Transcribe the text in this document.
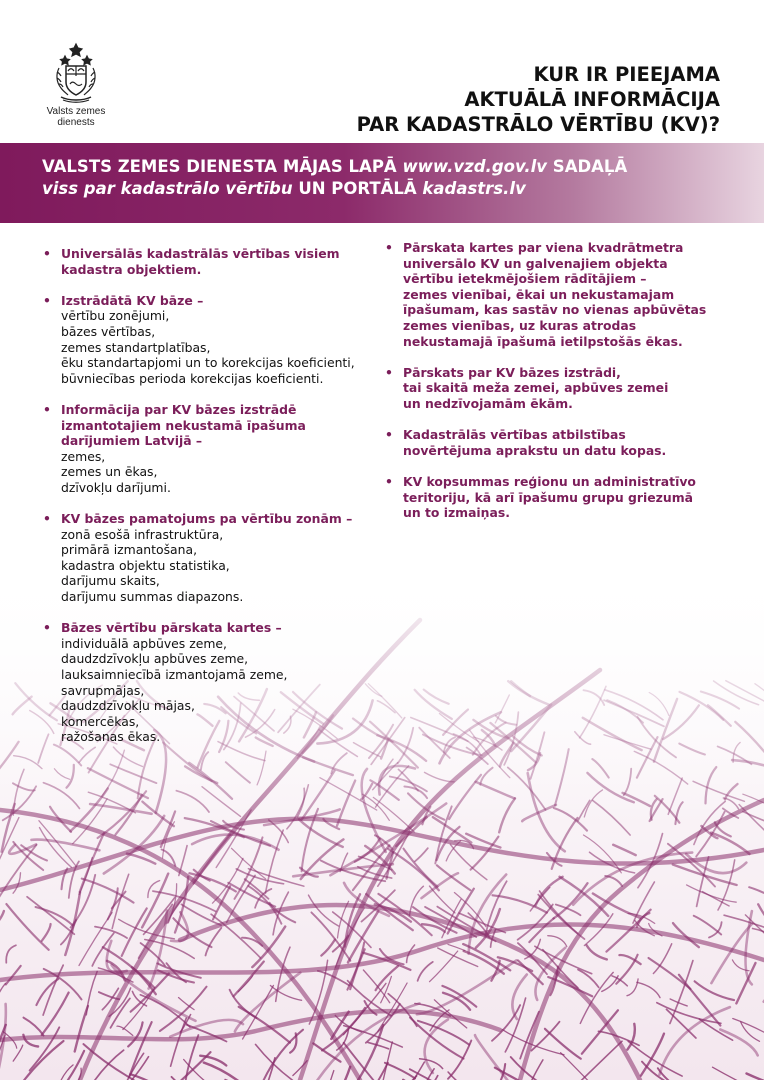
Valsts zemes
dienests
KUR IR PIEEJAMA
AKTUĀLĀ INFORMĀCIJA
PAR KADASTRĀLO VĒRTĪBU (KV)?
VALSTS ZEMES DIENESTA MĀJAS LAPĀ www.vzd.gov.lv SADAĻĀ
viss par kadastrālo vērtību UN PORTĀLĀ kadastrs.lv
• Universālās kadastrālās vērtības visiem
kadastra objektiem.
• Izstrādātā KV bāze –
vērtību zonējumi,
bāzes vērtības,
zemes standartplatības,
ēku standartapjomi un to korekcijas koeficienti,
būvniecības perioda korekcijas koeficienti.
• Informācija par KV bāzes izstrādē
izmantotajiem nekustamā īpašuma
darījumiem Latvijā –
zemes,
zemes un ēkas,
dzīvokļu darījumi.
• KV bāzes pamatojums pa vērtību zonām –
zonā esošā infrastruktūra,
primārā izmantošana,
kadastra objektu statistika,
darījumu skaits,
darījumu summas diapazons.
• Bāzes vērtību pārskata kartes –
individuālā apbūves zeme,
daudzdzīvokļu apbūves zeme,
lauksaimniecībā izmantojamā zeme,
savrupmājas,
daudzdzīvokļu mājas,
komercēkas,
ražošanas ēkas.
• Pārskata kartes par viena kvadrātmetra
universālo KV un galvenajiem objekta
vērtību ietekmējošiem rādītājiem –
zemes vienībai, ēkai un nekustamajam
īpašumam, kas sastāv no vienas apbūvētas
zemes vienības, uz kuras atrodas
nekustamajā īpašumā ietilpstošās ēkas.
• Pārskats par KV bāzes izstrādi,
tai skaitā meža zemei, apbūves zemei
un nedzīvojamām ēkām.
• Kadastrālās vērtības atbilstības
novērtējuma aprakstu un datu kopas.
• KV kopsummas reģionu un administratīvo
teritoriju, kā arī īpašumu grupu griezumā
un to izmaiņas.
